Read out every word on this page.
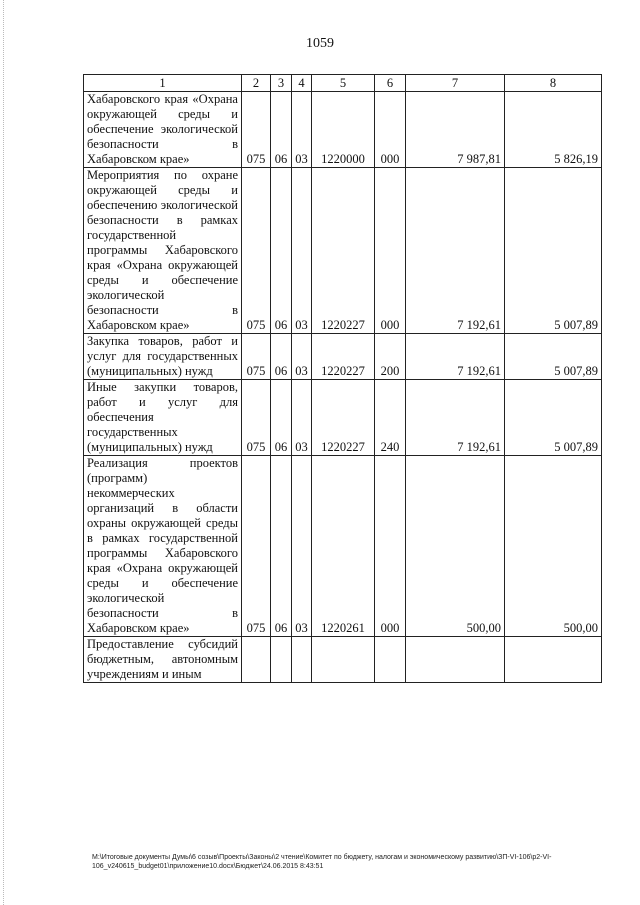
1059
1	2	3	4	5	6	7	8
Хабаровского края «Охрана окружающей среды и обеспечение экологической безопасности в Хабаровском крае»	075	06	03	1220000	000	7 987,81	5 826,19
Мероприятия по охране окружающей среды и обеспечению экологической безопасности в рамках государственной программы Хабаровского края «Охрана окружающей среды и обеспечение экологической безопасности в Хабаровском крае»	075	06	03	1220227	000	7 192,61	5 007,89
Закупка товаров, работ и услуг для государственных (муниципальных) нужд	075	06	03	1220227	200	7 192,61	5 007,89
Иные закупки товаров, работ и услуг для обеспечения государственных (муниципальных) нужд	075	06	03	1220227	240	7 192,61	5 007,89
Реализация проектов (программ) некоммерческих организаций в области охраны окружающей среды в рамках государственной программы Хабаровского края «Охрана окружающей среды и обеспечение экологической безопасности в Хабаровском крае»	075	06	03	1220261	000	500,00	500,00
Предоставление субсидий бюджетным, автономным учреждениям и иным							
M:\Итоговые документы Думы\6 созыв\Проекты\Законы\2 чтение\Комитет по бюджету, налогам и экономическому развитию\ЗП-VI-106\р2-VI-106_v240615_budget01\приложение10.docx\Бюджет\24.06.2015 8:43:51
